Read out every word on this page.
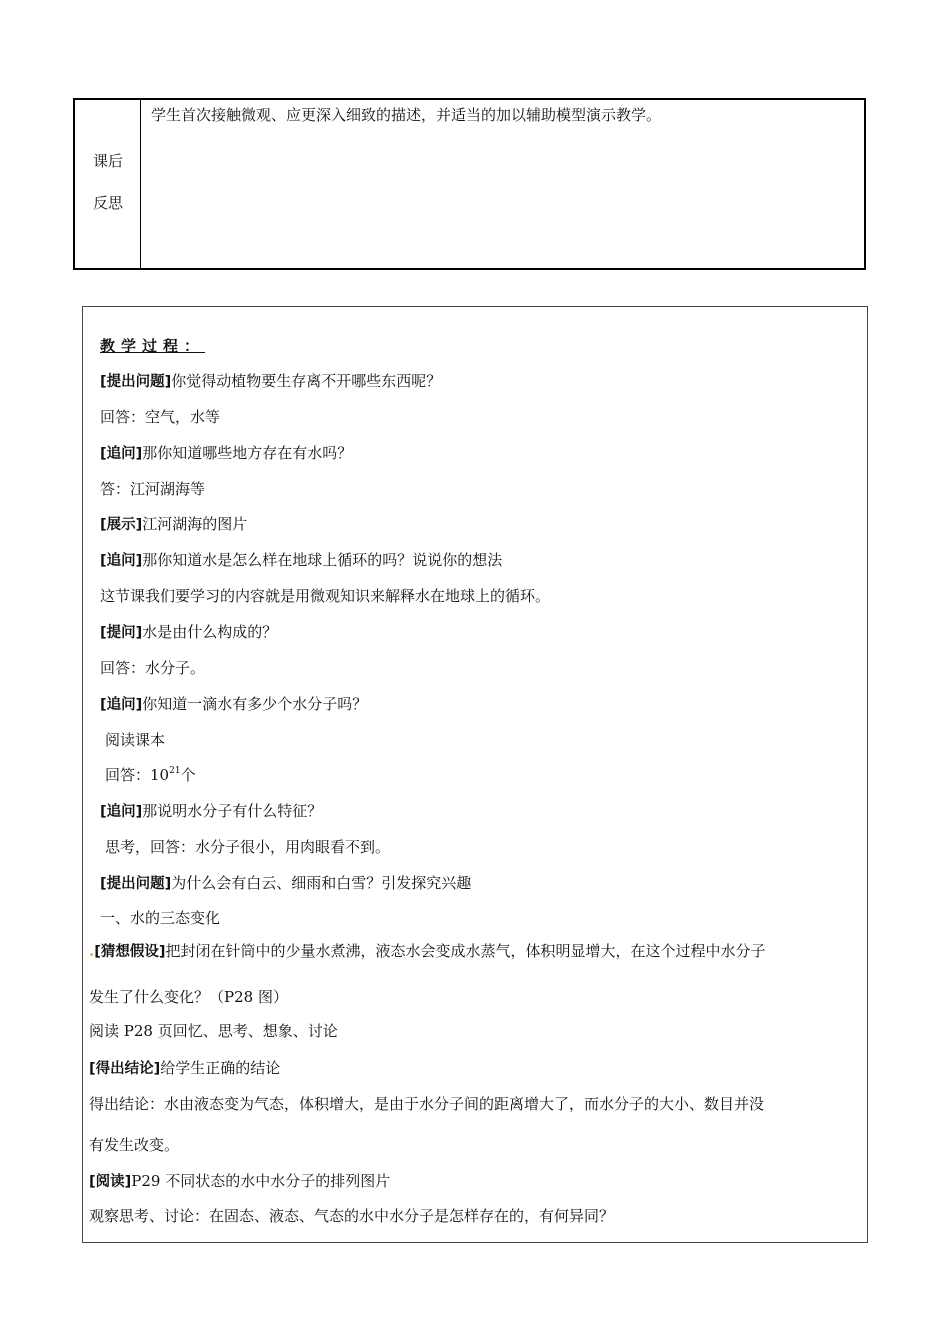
课后
反思
学生首次接触微观、应更深入细致的描述，并适当的加以辅助模型演示教学。
教学过程：
[提出问题]你觉得动植物要生存离不开哪些东西呢？
回答：空气，水等
[追问]那你知道哪些地方存在有水吗？
答：江河湖海等
[展示]江河湖海的图片
[追问]那你知道水是怎么样在地球上循环的吗？说说你的想法
这节课我们要学习的内容就是用微观知识来解释水在地球上的循环。
[提问]水是由什么构成的？
回答：水分子。
[追问]你知道一滴水有多少个水分子吗？
阅读课本
回答：$10^{21}$个
[追问]那说明水分子有什么特征？
思考，回答：水分子很小，用肉眼看不到。
[提出问题]为什么会有白云、细雨和白雪？引发探究兴趣
一、水的三态变化
.[猜想假设]把封闭在针筒中的少量水煮沸，液态水会变成水蒸气，体积明显增大，在这个过程中水分子
发生了什么变化？（P28 图）
阅读 P28 页回忆、思考、想象、讨论
[得出结论]给学生正确的结论
得出结论：水由液态变为气态，体积增大，是由于水分子间的距离增大了，而水分子的大小、数目并没
有发生改变。
[阅读]P29 不同状态的水中水分子的排列图片
观察思考、讨论：在固态、液态、气态的水中水分子是怎样存在的，有何异同？
